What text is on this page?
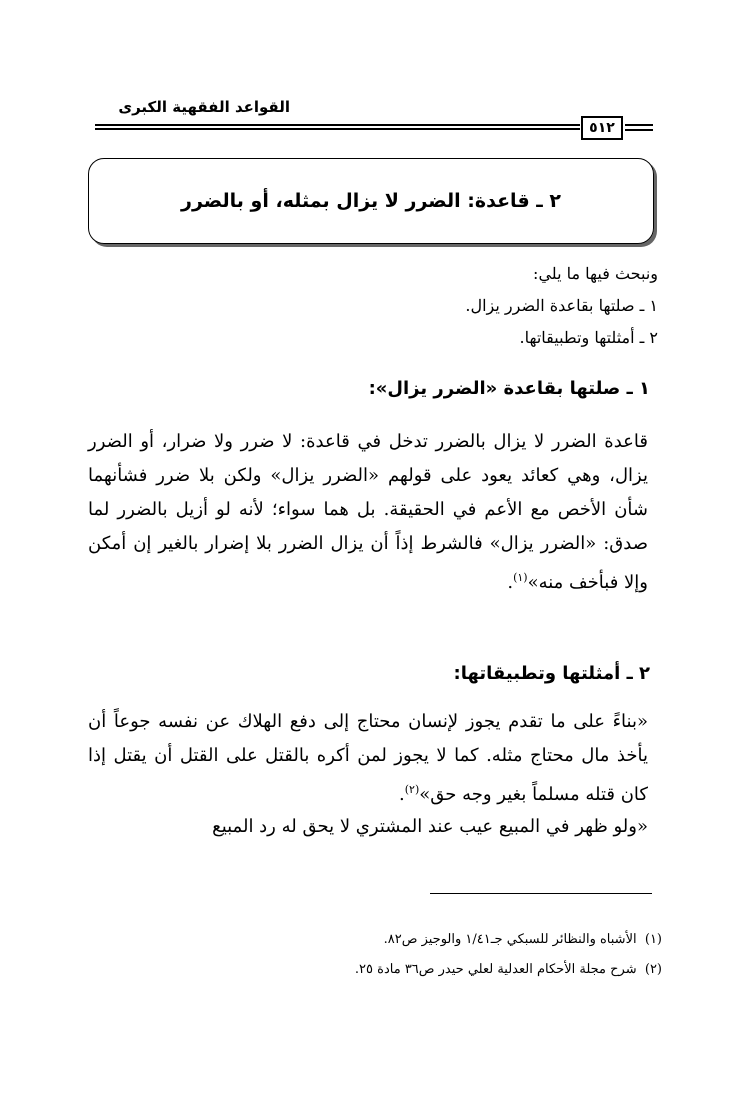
القواعد الفقهية الكبرى
٥١٢
٢ ـ قاعدة: الضرر لا يزال بمثله، أو بالضرر
ونبحث فيها ما يلي:
١ ـ صلتها بقاعدة الضرر يزال.
٢ ـ أمثلتها وتطبيقاتها.
١ ـ صلتها بقاعدة «الضرر يزال»:
قاعدة الضرر لا يزال بالضرر تدخل في قاعدة: لا ضرر ولا ضرار، أو الضرر يزال، وهي كعائد يعود على قولهم «الضرر يزال» ولكن بلا ضرر فشأنهما شأن الأخص مع الأعم في الحقيقة. بل هما سواء؛ لأنه لو أزيل بالضرر لما صدق: «الضرر يزال» فالشرط إذاً أن يزال الضرر بلا إضرار بالغير إن أمكن وإلا فبأخف منه»$^{(١)}$.
٢ ـ أمثلتها وتطبيقاتها:
«بناءً على ما تقدم يجوز لإنسان محتاج إلى دفع الهلاك عن نفسه جوعاً أن يأخذ مال محتاج مثله. كما لا يجوز لمن أكره بالقتل على القتل أن يقتل إذا كان قتله مسلماً بغير وجه حق»$^{(٢)}$.
«ولو ظهر في المبيع عيب عند المشتري لا يحق له رد المبيع
(١)  الأشباه والنظائر للسبكي جـ١/٤١ والوجيز ص٨٢.
(٢)  شرح مجلة الأحكام العدلية لعلي حيدر ص٣٦ مادة ٢٥.
